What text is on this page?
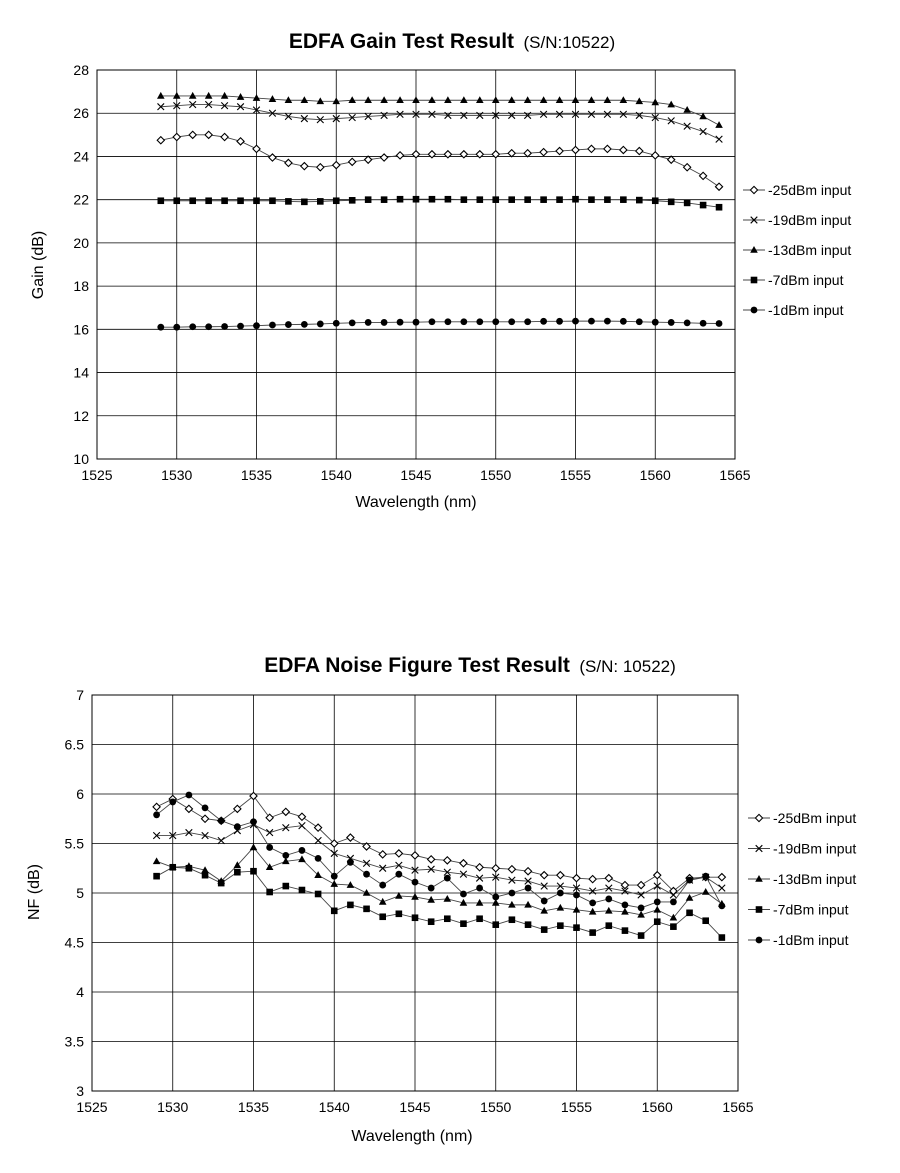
EDFA Gain Test Result (S/N:10522)
Wavelength (nm)
Gain (dB)
1525	1530	1535	1540	1545	1550	1555	1560	1565
10
12
14
16
18
20
22
24
26
28
-25dBm input
-19dBm input
-13dBm input
-7dBm input
-1dBm input
EDFA Noise Figure Test Result (S/N: 10522)
Wavelength (nm)
NF (dB)
1525	1530	1535	1540	1545	1550	1555	1560	1565
3
3.5
4
4.5
5
5.5
6
6.5
7
-25dBm input
-19dBm input
-13dBm input
-7dBm input
-1dBm input
